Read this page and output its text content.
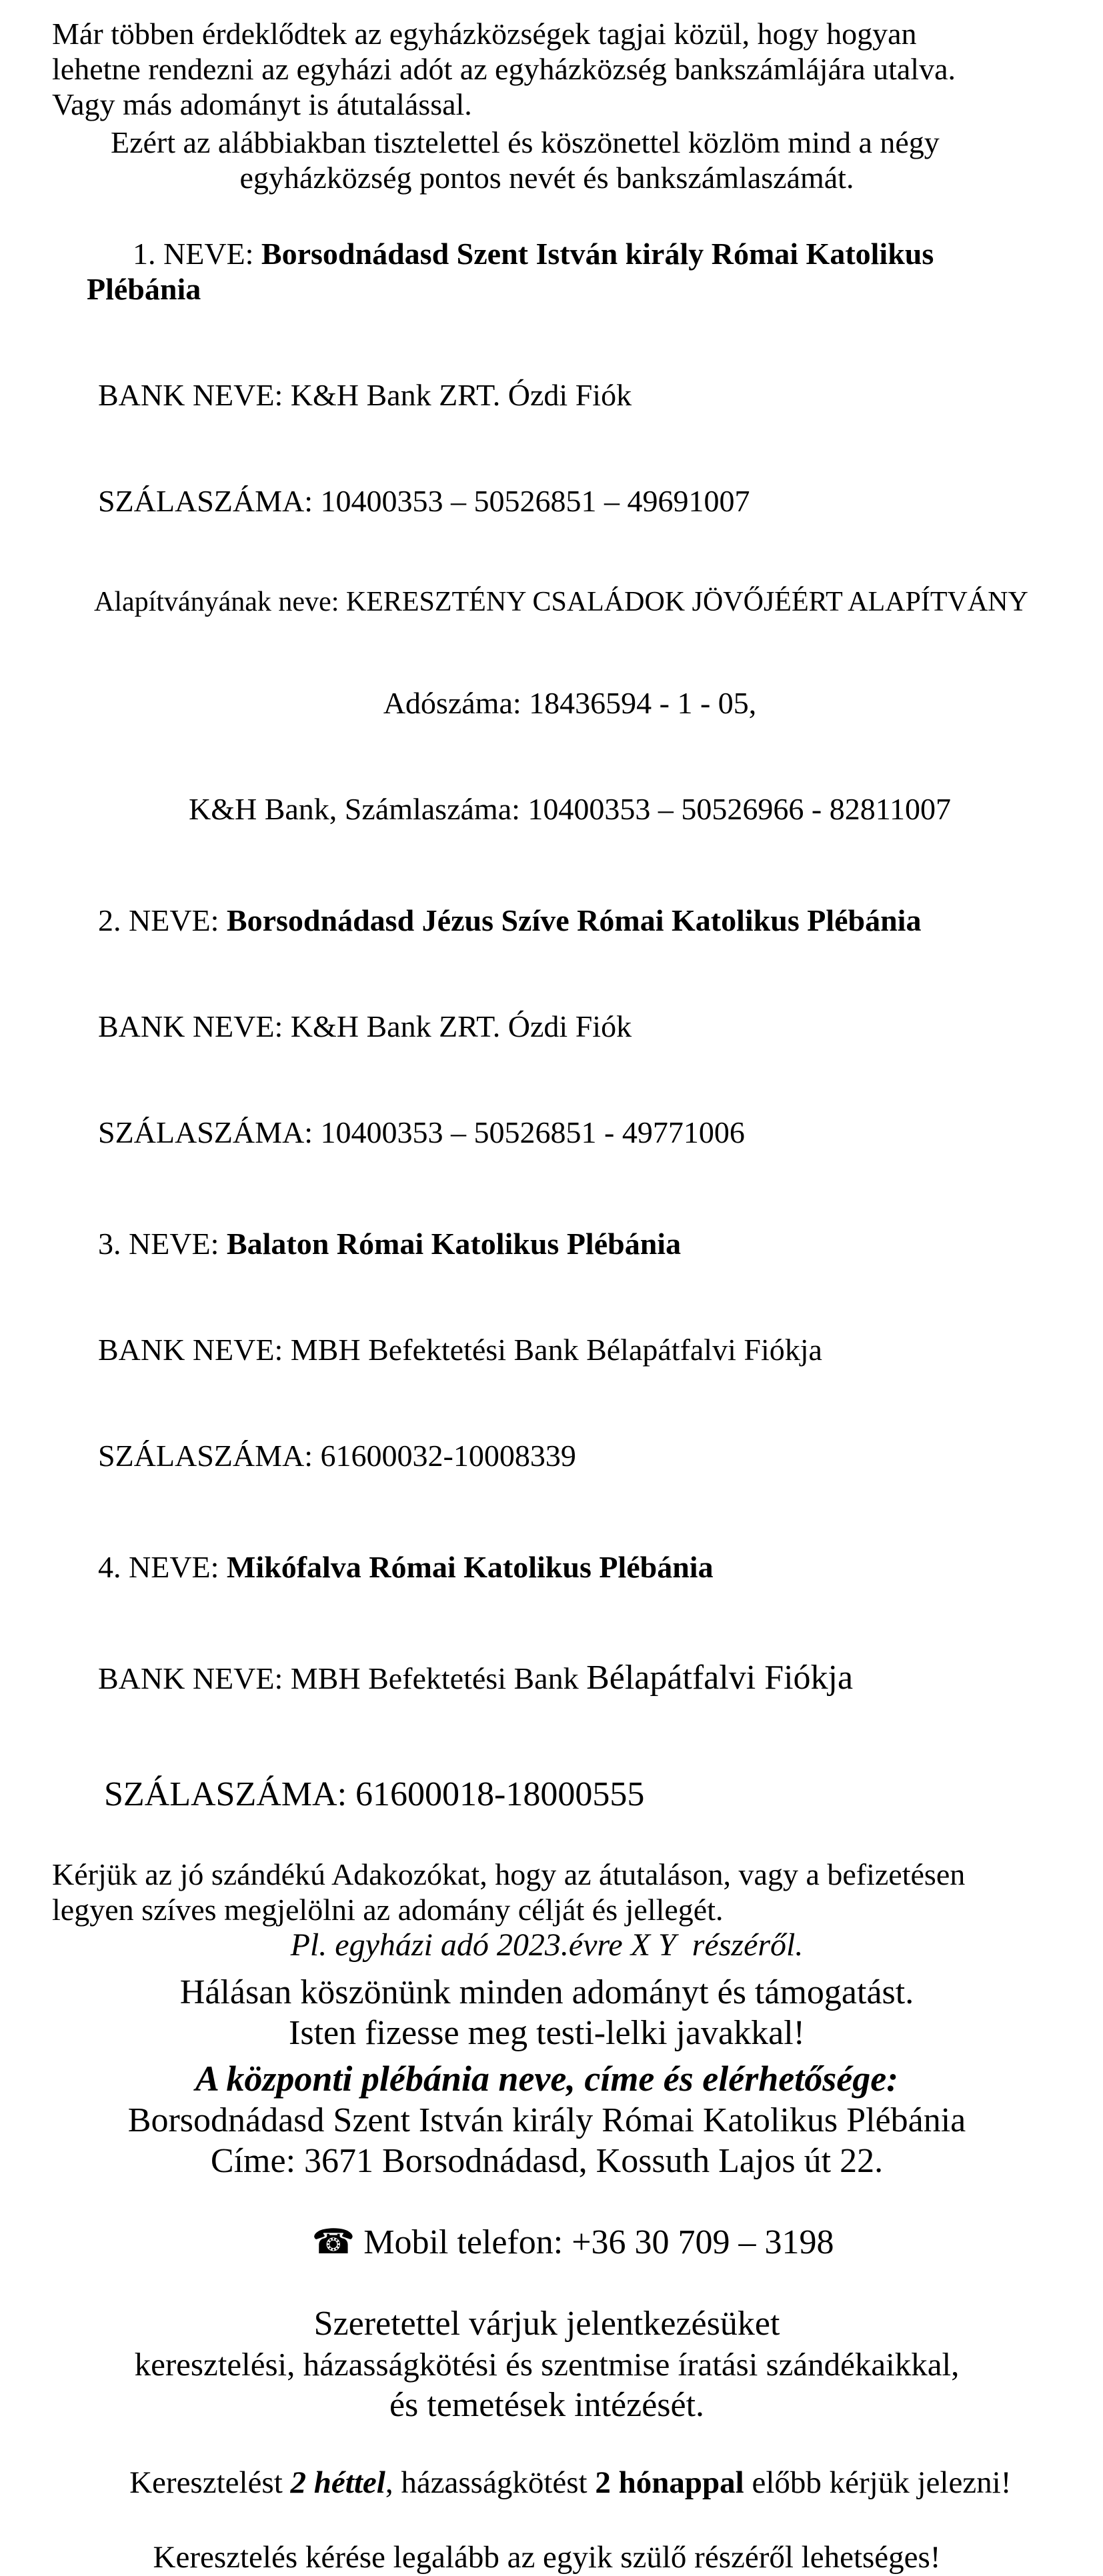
Már többen érdeklődtek az egyházközségek tagjai közül, hogy hogyan
lehetne rendezni az egyházi adót az egyházközség bankszámlájára utalva.
Vagy más adományt is átutalással.
Ezért az alábbiakban tisztelettel és köszönettel közlöm mind a négy
egyházközség pontos nevét és bankszámlaszámát.

1. NEVE: Borsodnádasd Szent István király Római Katolikus Plébánia

BANK NEVE: K&H Bank ZRT. Ózdi Fiók

SZÁLASZÁMA: 10400353 – 50526851 – 49691007

Alapítványának neve: KERESZTÉNY CSALÁDOK JÖVŐJÉÉRT ALAPÍTVÁNY

Adószáma: 18436594 - 1 - 05,

K&H Bank, Számlaszáma: 10400353 – 50526966 - 82811007

2. NEVE: Borsodnádasd Jézus Szíve Római Katolikus Plébánia

BANK NEVE: K&H Bank ZRT. Ózdi Fiók

SZÁLASZÁMA: 10400353 – 50526851 - 49771006

3. NEVE: Balaton Római Katolikus Plébánia

BANK NEVE: MBH Befektetési Bank Bélapátfalvi Fiókja

SZÁLASZÁMA: 61600032-10008339

4. NEVE: Mikófalva Római Katolikus Plébánia

BANK NEVE: MBH Befektetési Bank Bélapátfalvi Fiókja

SZÁLASZÁMA: 61600018-18000555

Kérjük az jó szándékú Adakozókat, hogy az átutaláson, vagy a befizetésen
legyen szíves megjelölni az adomány célját és jellegét.
Pl. egyházi adó 2023.évre X Y  részéről.
Hálásan köszönünk minden adományt és támogatást.
Isten fizesse meg testi-lelki javakkal!
A központi plébánia neve, címe és elérhetősége:
Borsodnádasd Szent István király Római Katolikus Plébánia
Címe: 3671 Borsodnádasd, Kossuth Lajos út 22.

☎ Mobil telefon: +36 30 709 – 3198

Szeretettel várjuk jelentkezésüket
keresztelési, házasságkötési és szentmise íratási szándékaikkal,
és temetések intézését.

Keresztelést 2 héttel, házasságkötést 2 hónappal előbb kérjük jelezni!

Keresztelés kérése legalább az egyik szülő részéről lehetséges!
